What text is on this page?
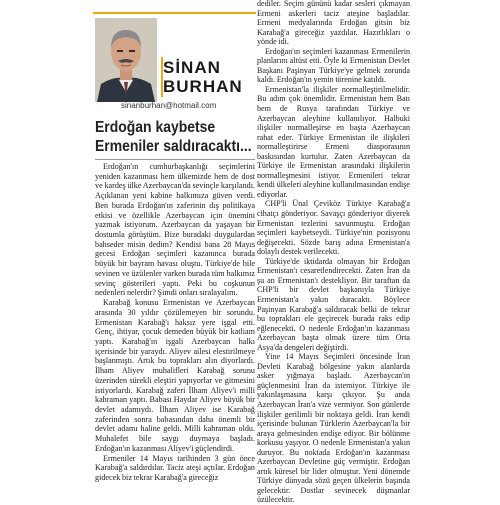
SİNAN

BURHAN

sinanburhan@hotmail.com
Erdoğan kaybetse Ermeniler saldıracaktı...

Erdoğan'ın cumhurbaşkanlığı seçimlerini yeniden kazanması hem ülkemizde hem de dost ve kardeş ülke Azerbaycan'da sevinçle karşılandı. Açıklanan yeni kabine halkımıza güven verdi. Ben burada Erdoğan'ın zaferinin dış politikaya etkisi ve özellikle Azerbaycan için önemini yazmak istiyorum. Azerbaycan da yaşayan bir dostumla görüştüm. Bize buradaki duygulardan bahseder misin dedim? Kendisi bana 28 Mayıs gecesi Erdoğan seçimleri kazanınca burada büyük bir bayram havası oluştu. Türkiye'de bile sevinen ve üzülenler varken burada tüm halkımız sevinç gösterileri yaptı. Peki bu coşkunun nedenleri nelerdir? Şimdi onları sıralayalım.

Karabağ konusu Ermenistan ve Azerbaycan arasında 30 yıldır çözülemeyen bir sorundu. Ermenistan Karabağ'ı haksız yere işgal etti. Genç, ihtiyar, çocuk demeden büyük bir katliam yaptı. Karabağ'ın işgali Azerbaycan halkı içerisinde bir yaraydı. Aliyev ailesi elestirilmeye başlanmıştı. Artık bu toprakları alın diyorlardı. İlham Aliyev muhalifleri Karabağ sorunu üzerinden sürekli eleştiri yapıyorlar ve gitmesini istiyorlardı. Karabağ zaferi İlham Aliyev'i milli kahraman yaptı. Babası Haydar Aliyev büyük bir devlet adamıydı. İlham Aliyev ise Karabağ zaferinden sonra babasından daha önemli bir devlet adamı haline geldi. Milli kahraman oldu. Muhalefet bile saygı duymaya başladı. Erdoğan'ın kazanması Aliyev'i güçlendirdi.

Ermeniler 14 Mayıs tarihinden 3 gün önce Karabağ'a saldırdılar. Taciz ateşi açtılar. Erdoğan gidecek biz tekrar Karabağ'a gireceğiz

dediler. Seçim gününü kadar sesleri çıkmayan Ermeni askerleri taciz ateşine başladılar. Ermeni medyalarında Erdoğan gitsin biz Karabağ'a gireceğiz yazdılar. Hazırlıkları o yönde idi.

Erdoğan'ın seçimleri kazanması Ermenilerin planlarını altüst etti. Öyle ki Ermenistan Devlet Başkanı Paşinyan Türkiye'ye gelmek zorunda kaldı. Erdoğan'ın yemin törenine katıldı.

Ermenistan'la ilişkiler normalleştirilmelidir. Bu adım çok önemlidir. Ermenistan hem Batı hem de Rusya tarafından Türkiye ve Azerbaycan aleyhine kullanılıyor. Halbuki ilişkiler normalleşirse en başta Azerbaycan rahat eder. Türkiye Ermenistan ile ilişkileri normalleştirirse Ermeni diasporasının baskısından kurtulur. Zaten Azerbaycan da Türkiye ile Ermenistan arasındaki ilişkilerin normalleşmesini istiyor. Ermenileri tekrar kendi ülkeleri aleyhine kullanılmasından endişe ediyorlar.

CHP'li Ünal Çeviköz Türkiye Karabağ'a cihatçı gönderiyor. Savaşçı gönderiyor diyerek Ermenistan tezlerini savunmuştu. Erdoğan seçimleri kaybetseydi. Türkiye'nin pozisyonu değişecekti. Sözde barış adına Ermenistan'a dolaylı destek verilecekti.

Türkiye'de iktidarda olmayan bir Erdoğan Ermenistan'ı cesaretlendirecekti. Zaten İran da şu an Ermenistan'ı destekliyor. Bir taraftan da CHP'li bir devlet başkanıyla Türkiye Ermenistan'a yakın duracaktı. Böylece Paşinyan Karabağ'a saldıracak belki de tekrar bu toprakları ele geçirecek burada raks edip eğlenecekti. O nedenle Erdoğan'ın kazanması Azerbaycan başta olmak üzere tüm Orta Asya'da dengeleri değiştirdi.

Yine 14 Mayıs Seçimleri öncesinde İran Devleti Karabağ bölgesine yakın alanlarda asker yığmaya başladı. Azerbaycan'ın güçlenmesini İran da istemiyor. Türkiye ile yakınlaşmasına karşı çıkıyor. Şu anda Azerbaycan İran'a vize vermiyor. Son günlerde ilişkiler gerilimli bir noktaya geldi. İran kendi içerisinde bulunan Türklerin Azerbaycan'la bir araya gelmesinden endişe ediyor. Bir bölünme korkusu yaşıyor. O nedenle Ermenistan'a yakın duruyor. Bu noktada Erdoğan'ın kazanması Azerbaycan Devletine güç vermiştir. Erdoğan artık küresel bir lider olmuştur. Yeni dönemde Türkiye dünyada sözü geçen ülkelerin başında gelecektir. Dostlar sevinecek düşmanlar üzülecektir.
